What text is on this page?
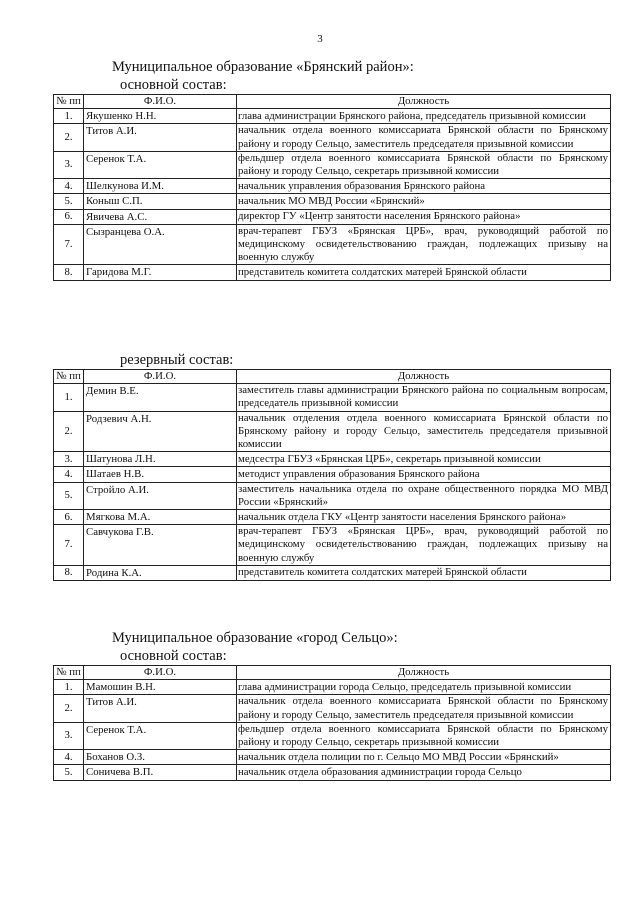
3
Муниципальное образование «Брянский район»:
основной состав:
№ пп	Ф.И.О.	Должность
1.	Якушенко Н.Н.	глава администрации Брянского района, председатель призывной комиссии
2.	Титов А.И.	начальник отдела военного комиссариата Брянской области по Брянскому району и городу Сельцо, заместитель председателя призывной комиссии
3.	Серенок Т.А.	фельдшер отдела военного комиссариата Брянской области по Брянскому району и городу Сельцо, секретарь призывной комиссии
4.	Шелкунова И.М.	начальник управления образования Брянского района
5.	Коныш С.П.	начальник МО МВД России «Брянский»
6.	Явичева А.С.	директор ГУ «Центр занятости населения Брянского района»
7.	Сызранцева О.А.	врач-терапевт ГБУЗ «Брянская ЦРБ», врач, руководящий работой по медицинскому освидетельствованию граждан, подлежащих призыву на военную службу
8.	Гаридова М.Г.	представитель комитета солдатских матерей Брянской области
резервный состав:
№ пп	Ф.И.О.	Должность
1.	Демин В.Е.	заместитель главы администрации Брянского района по социальным вопросам, председатель призывной комиссии
2.	Родзевич А.Н.	начальник отделения отдела военного комиссариата Брянской области по Брянскому району и городу Сельцо, заместитель председателя призывной комиссии
3.	Шатунова Л.Н.	медсестра ГБУЗ «Брянская ЦРБ», секретарь призывной комиссии
4.	Шатаев Н.В.	методист управления образования Брянского района
5.	Стройло А.И.	заместитель начальника отдела по охране общественного порядка МО МВД России «Брянский»
6.	Мягкова М.А.	начальник отдела ГКУ «Центр занятости населения Брянского района»
7.	Савчукова Г.В.	врач-терапевт ГБУЗ «Брянская ЦРБ», врач, руководящий работой по медицинскому освидетельствованию граждан, подлежащих призыву на военную службу
8.	Родина К.А.	представитель комитета солдатских матерей Брянской области
Муниципальное образование «город Сельцо»:
основной состав:
№ пп	Ф.И.О.	Должность
1.	Мамошин В.Н.	глава администрации города Сельцо, председатель призывной комиссии
2.	Титов А.И.	начальник отдела военного комиссариата Брянской области по Брянскому району и городу Сельцо, заместитель председателя призывной комиссии
3.	Серенок Т.А.	фельдшер отдела военного комиссариата Брянской области по Брянскому району и городу Сельцо, секретарь призывной комиссии
4.	Боханов О.З.	начальник отдела полиции по г. Сельцо МО МВД России «Брянский»
5.	Соничева В.П.	начальник отдела образования администрации города Сельцо
